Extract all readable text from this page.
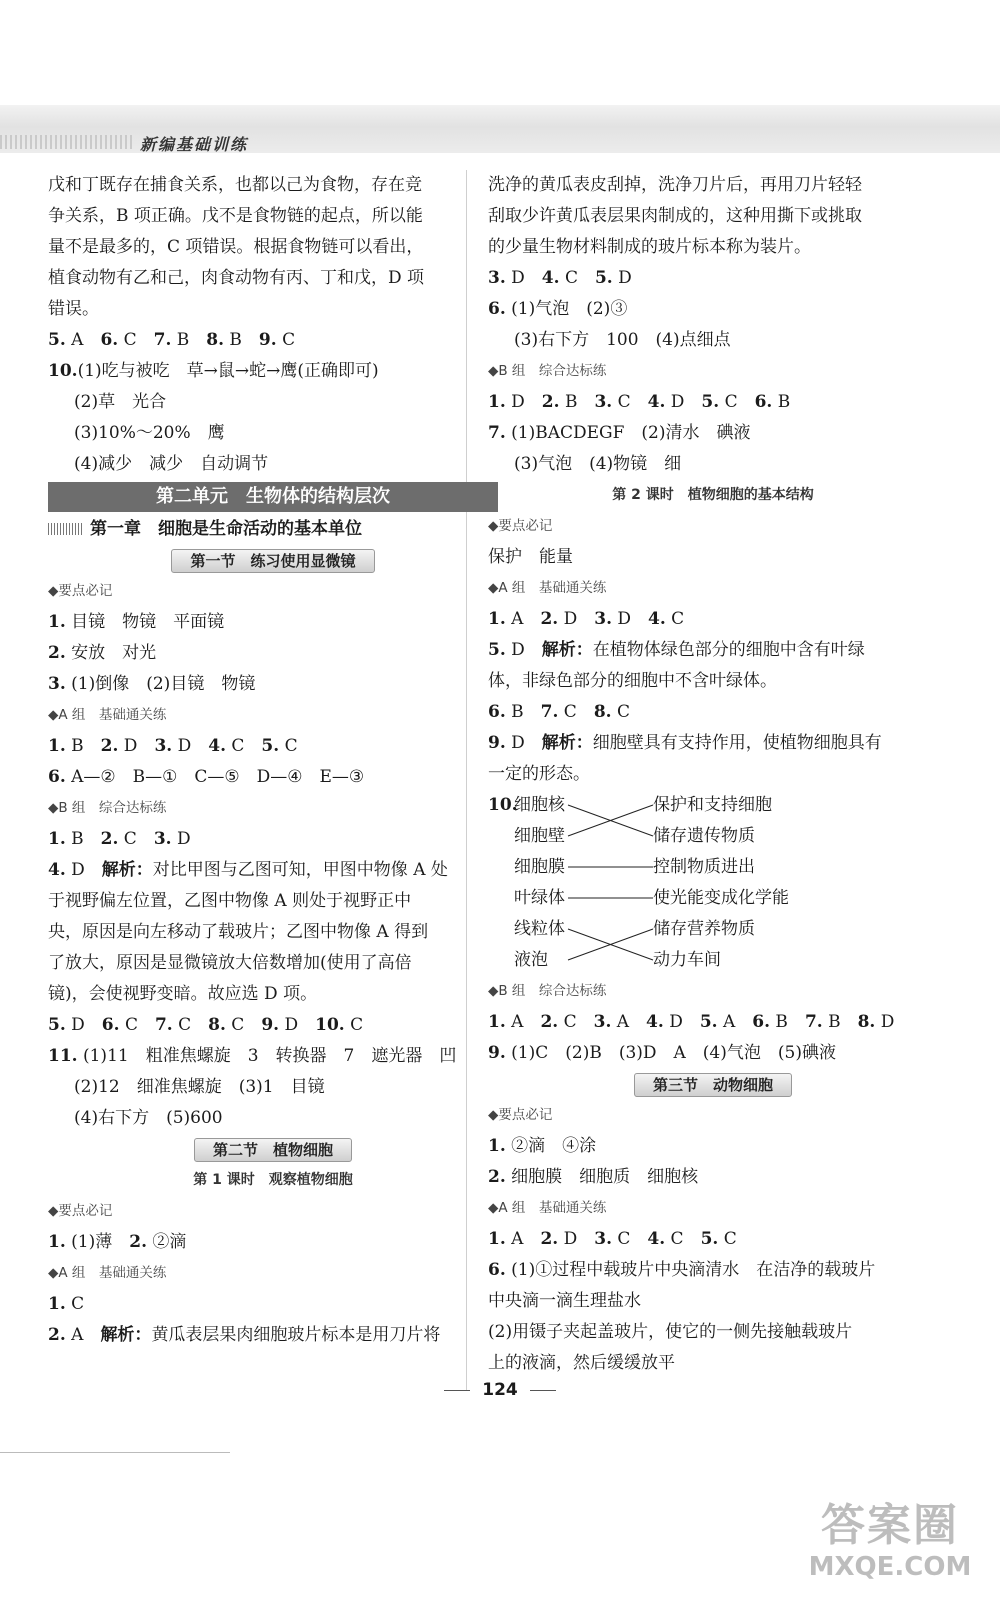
新编基础训练
戊和丁既存在捕食关系，也都以己为食物，存在竞
争关系，B 项正确。戊不是食物链的起点，所以能
量不是最多的，C 项错误。根据食物链可以看出，
植食动物有乙和己，肉食动物有丙、丁和戊，D 项
错误。
5. A　6. C　7. B　8. B　9. C
10.(1)吃与被吃　草→鼠→蛇→鹰(正确即可)
(2)草　光合
(3)10%～20%　鹰
(4)减少　减少　自动调节
第二单元　生物体的结构层次
第一章　细胞是生命活动的基本单位
第一节　练习使用显微镜
◆要点必记
1. 目镜　物镜　平面镜
2. 安放　对光
3. (1)倒像　(2)目镜　物镜
◆A 组　基础通关练
1. B　2. D　3. D　4. C　5. C
6. A—②　B—①　C—⑤　D—④　E—③
◆B 组　综合达标练
1. B　2. C　3. D
4. D　解析：对比甲图与乙图可知，甲图中物像 A 处
于视野偏左位置，乙图中物像 A 则处于视野正中
央，原因是向左移动了载玻片；乙图中物像 A 得到
了放大，原因是显微镜放大倍数增加(使用了高倍
镜)，会使视野变暗。故应选 D 项。
5. D　6. C　7. C　8. C　9. D　10. C
11. (1)11　粗准焦螺旋　3　转换器　7　遮光器　凹
(2)12　细准焦螺旋　(3)1　目镜
(4)右下方　(5)600
第二节　植物细胞
第 1 课时　观察植物细胞
◆要点必记
1. (1)薄　2. ②滴
◆A 组　基础通关练
1. C
2. A　解析：黄瓜表层果肉细胞玻片标本是用刀片将
洗净的黄瓜表皮刮掉，洗净刀片后，再用刀片轻轻
刮取少许黄瓜表层果肉制成的，这种用撕下或挑取
的少量生物材料制成的玻片标本称为装片。
3. D　4. C　5. D
6. (1)气泡　(2)③
(3)右下方　100　(4)点细点
◆B 组　综合达标练
1. D　2. B　3. C　4. D　5. C　6. B
7. (1)BACDEGF　(2)清水　碘液
(3)气泡　(4)物镜　细
第 2 课时　植物细胞的基本结构
◆要点必记
保护　能量
◆A 组　基础通关练
1. A　2. D　3. D　4. C
5. D　解析：在植物体绿色部分的细胞中含有叶绿
体，非绿色部分的细胞中不含叶绿体。
6. B　7. C　8. C
9. D　解析：细胞壁具有支持作用，使植物细胞具有
一定的形态。
10.
细胞核	保护和支持细胞
细胞壁	储存遗传物质
细胞膜	控制物质进出
叶绿体	使光能变成化学能
线粒体	储存营养物质
液泡	动力车间
◆B 组　综合达标练
1. A　2. C　3. A　4. D　5. A　6. B　7. B　8. D
9. (1)C　(2)B　(3)D　A　(4)气泡　(5)碘液
第三节　动物细胞
◆要点必记
1. ②滴　④涂
2. 细胞膜　细胞质　细胞核
◆A 组　基础通关练
1. A　2. D　3. C　4. C　5. C
6. (1)①过程中载玻片中央滴清水　在洁净的载玻片
中央滴一滴生理盐水
(2)用镊子夹起盖玻片，使它的一侧先接触载玻片
上的液滴，然后缓缓放平
124
答案圈
MXQE.COM
